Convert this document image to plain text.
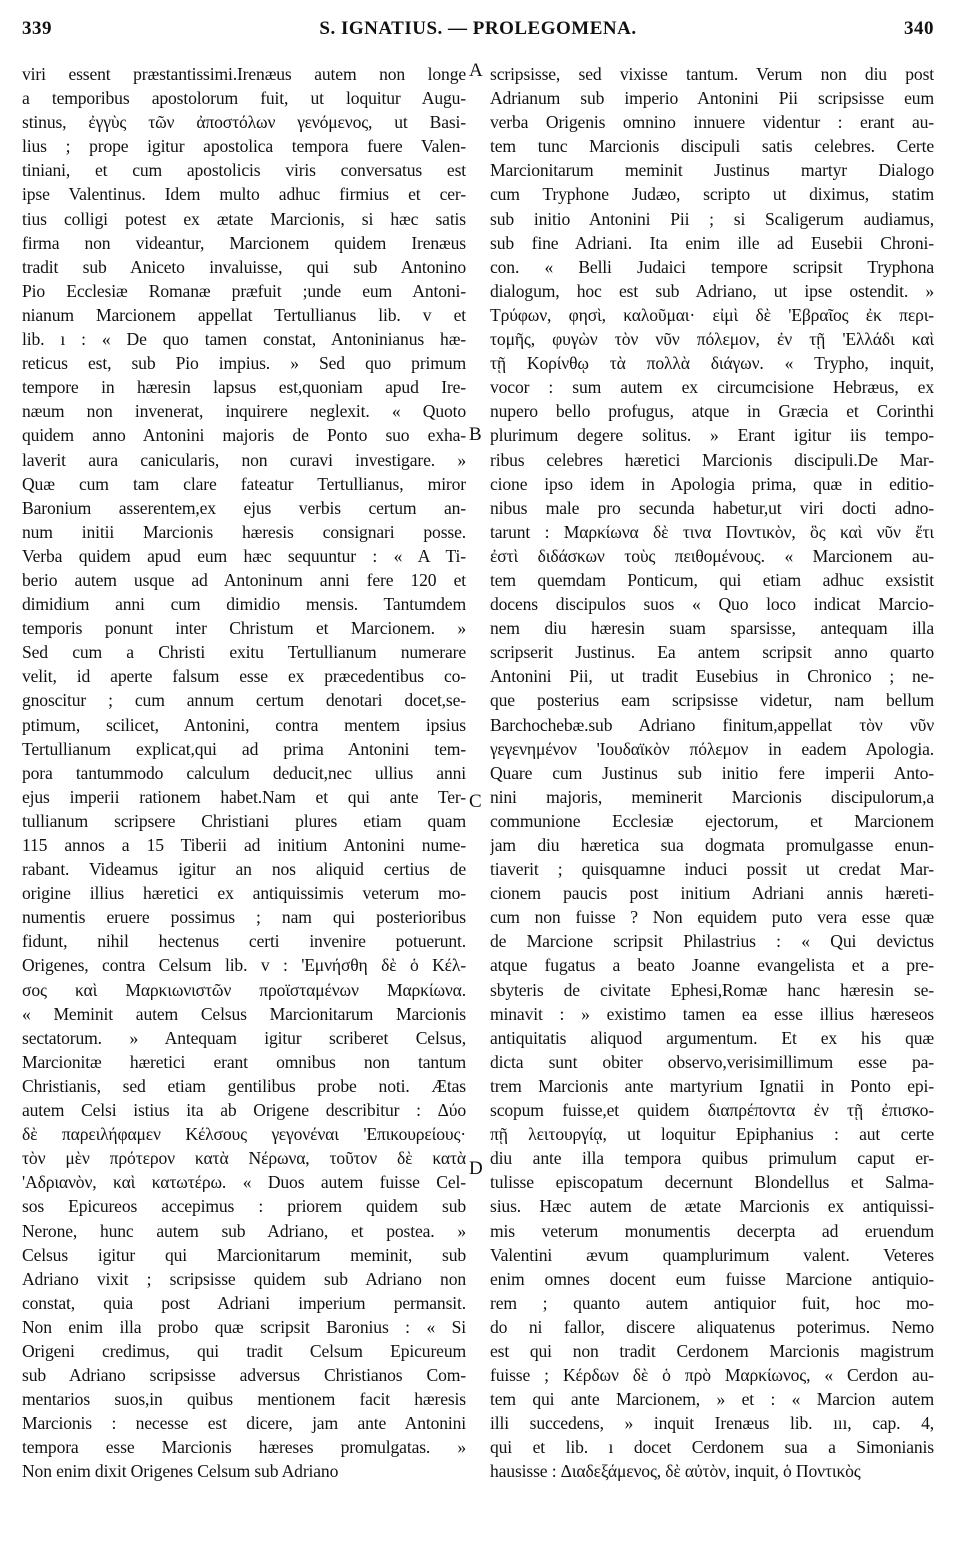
339	S. IGNATIUS. — PROLEGOMENA.	340
viri essent præstantissimi.Irenæus autem non longe
a temporibus apostolorum fuit, ut loquitur Augu-
stinus, ἐγγὺς τῶν ἀποστόλων γενόμενος, ut Basi-
lius ; prope igitur apostolica tempora fuere Valen-
tiniani, et cum apostolicis viris conversatus est
ipse Valentinus. Idem multo adhuc firmius et cer-
tius colligi potest ex ætate Marcionis, si hæc satis
firma non videantur, Marcionem quidem Irenæus
tradit sub Aniceto invaluisse, qui sub Antonino
Pio Ecclesiæ Romanæ præfuit ;unde eum Antoni-
nianum Marcionem appellat Tertullianus lib. v et
lib. ı : « De quo tamen constat, Antoninianus hæ-
reticus est, sub Pio impius. » Sed quo primum
tempore in hæresin lapsus est,quoniam apud Ire-
næum non invenerat, inquirere neglexit. « Quoto
quidem anno Antonini majoris de Ponto suo exha-
laverit aura canicularis, non curavi investigare. »
Quæ cum tam clare fateatur Tertullianus, miror
Baronium asserentem,ex ejus verbis certum an-
num initii Marcionis hæresis consignari posse.
Verba quidem apud eum hæc sequuntur : « A Ti-
berio autem usque ad Antoninum anni fere 120 et
dimidium anni cum dimidio mensis. Tantumdem
temporis ponunt inter Christum et Marcionem. »
Sed cum a Christi exitu Tertullianum numerare
velit, id aperte falsum esse ex præcedentibus co-
gnoscitur ; cum annum certum denotari docet,se-
ptimum, scilicet, Antonini, contra mentem ipsius
Tertullianum explicat,qui ad prima Antonini tem-
pora tantummodo calculum deducit,nec ullius anni
ejus imperii rationem habet.Nam et qui ante Ter-
tullianum scripsere Christiani plures etiam quam
115 annos a 15 Tiberii ad initium Antonini nume-
rabant. Videamus igitur an nos aliquid certius de
origine illius hæretici ex antiquissimis veterum mo-
numentis eruere possimus ; nam qui posterioribus
fidunt, nihil hectenus certi invenire potuerunt.
Origenes, contra Celsum lib. v : 'Εμνήσθη δὲ ὁ Κέλ-
σος καὶ Μαρκιωνιστῶν προϊσταμένων Μαρκίωνα.
« Meminit autem Celsus Marcionitarum Marcionis
sectatorum. » Antequam igitur scriberet Celsus,
Marcionitæ hæretici erant omnibus non tantum
Christianis, sed etiam gentilibus probe noti. Ætas
autem Celsi istius ita ab Origene describitur : Δύο
δὲ παρειλήφαμεν Κέλσους γεγονέναι 'Επικουρείους·
τὸν μὲν πρότερον κατὰ Νέρωνα, τοῦτον δὲ κατὰ
'Αδριανὸν, καὶ κατωτέρω. « Duos autem fuisse Cel-
sos Epicureos accepimus : priorem quidem sub
Nerone, hunc autem sub Adriano, et postea. »
Celsus igitur qui Marcionitarum meminit, sub
Adriano vixit ; scripsisse quidem sub Adriano non
constat, quia post Adriani imperium permansit.
Non enim illa probo quæ scripsit Baronius : « Si
Origeni credimus, qui tradit Celsum Epicureum
sub Adriano scripsisse adversus Christianos Com-
mentarios suos,in quibus mentionem facit hæresis
Marcionis : necesse est dicere, jam ante Antonini
tempora esse Marcionis hæreses promulgatas. »
Non enim dixit Origenes Celsum sub Adriano
scripsisse, sed vixisse tantum. Verum non diu post
Adrianum sub imperio Antonini Pii scripsisse eum
verba Origenis omnino innuere videntur : erant au-
tem tunc Marcionis discipuli satis celebres. Certe
Marcionitarum meminit Justinus martyr Dialogo
cum Tryphone Judæo, scripto ut diximus, statim
sub initio Antonini Pii ; si Scaligerum audiamus,
sub fine Adriani. Ita enim ille ad Eusebii Chroni-
con. « Belli Judaici tempore scripsit Tryphona
dialogum, hoc est sub Adriano, ut ipse ostendit. »
Τρύφων, φησὶ, καλοῦμαι· εἰμὶ δὲ 'Εβραῖος ἐκ περι-
τομῆς, φυγὼν τὸν νῦν πόλεμον, ἐν τῇ 'Ελλάδι καὶ
τῇ Κορίνθῳ τὰ πολλὰ διάγων. « Trypho, inquit,
vocor : sum autem ex circumcisione Hebræus, ex
nupero bello profugus, atque in Græcia et Corinthi
plurimum degere solitus. » Erant igitur iis tempo-
ribus celebres hæretici Marcionis discipuli.De Mar-
cione ipso idem in Apologia prima, quæ in editio-
nibus male pro secunda habetur,ut viri docti adno-
tarunt : Μαρκίωνα δὲ τινα Ποντικὸν, ὃς καὶ νῦν ἔτι
ἐστὶ διδάσκων τοὺς πειθομένους. « Marcionem au-
tem quemdam Ponticum, qui etiam adhuc exsistit
docens discipulos suos « Quo loco indicat Marcio-
nem diu hæresin suam sparsisse, antequam illa
scripserit Justinus. Ea antem scripsit anno quarto
Antonini Pii, ut tradit Eusebius in Chronico ; ne-
que posterius eam scripsisse videtur, nam bellum
Barchochebæ.sub Adriano finitum,appellat τὸν νῦν
γεγενημένον 'Ιουδαϊκὸν πόλεμον in eadem Apologia.
Quare cum Justinus sub initio fere imperii Anto-
nini majoris, meminerit Marcionis discipulorum,a
communione Ecclesiæ ejectorum, et Marcionem
jam diu hæretica sua dogmata promulgasse enun-
tiaverit ; quisquamne induci possit ut credat Mar-
cionem paucis post initium Adriani annis hæreti-
cum non fuisse ? Non equidem puto vera esse quæ
de Marcione scripsit Philastrius : « Qui devictus
atque fugatus a beato Joanne evangelista et a pre-
sbyteris de civitate Ephesi,Romæ hanc hæresin se-
minavit : » existimo tamen ea esse illius hæreseos
antiquitatis aliquod argumentum. Et ex his quæ
dicta sunt obiter observo,verisimillimum esse pa-
trem Marcionis ante martyrium Ignatii in Ponto epi-
scopum fuisse,et quidem διαπρέποντα ἐν τῇ ἐπισκο-
πῇ λειτουργίᾳ, ut loquitur Epiphanius : aut certe
diu ante illa tempora quibus primulum caput er-
tulisse episcopatum decernunt Blondellus et Salma-
sius. Hæc autem de ætate Marcionis ex antiquissi-
mis veterum monumentis decerpta ad eruendum
Valentini ævum quamplurimum valent. Veteres
enim omnes docent eum fuisse Marcione antiquio-
rem ; quanto autem antiquior fuit, hoc mo-
do ni fallor, discere aliquatenus poterimus. Nemo
est qui non tradit Cerdonem Marcionis magistrum
fuisse ; Κέρδων δὲ ὁ πρὸ Μαρκίωνος, « Cerdon au-
tem qui ante Marcionem, » et : « Marcion autem
illi succedens, » inquit Irenæus lib. ııı, cap. 4,
qui et lib. ı docet Cerdonem sua a Simonianis
hausisse : Διαδεξάμενος, δὲ αὐτὸν, inquit, ὁ Ποντικὸς
A
B
C
D
